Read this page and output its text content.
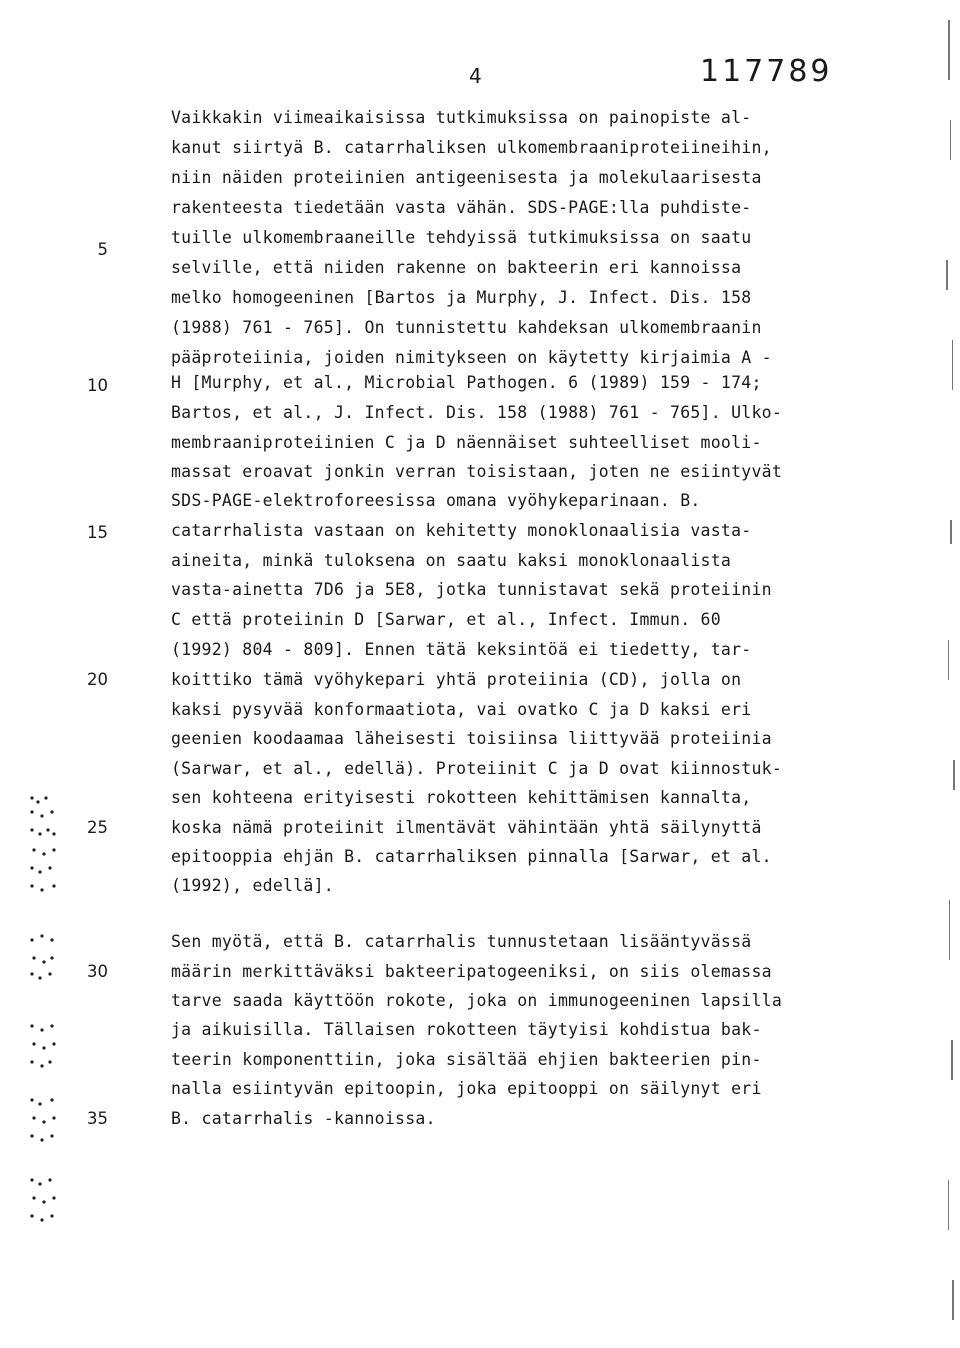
4	117789
Vaikkakin viimeaikaisissa tutkimuksissa on painopiste al-
kanut siirtyä B. catarrhaliksen ulkomembraaniproteiineihin,
niin näiden proteiinien antigeenisesta ja molekulaarisesta
rakenteesta tiedetään vasta vähän. SDS-PAGE:lla puhdiste-
tuille ulkomembraaneille tehdyissä tutkimuksissa on saatu
selville, että niiden rakenne on bakteerin eri kannoissa
melko homogeeninen [Bartos ja Murphy, J. Infect. Dis. 158
(1988) 761 - 765]. On tunnistettu kahdeksan ulkomembraanin
pääproteiinia, joiden nimitykseen on käytetty kirjaimia A -
H [Murphy, et al., Microbial Pathogen. 6 (1989) 159 - 174;
Bartos, et al., J. Infect. Dis. 158 (1988) 761 - 765]. Ulko-
membraaniproteiinien C ja D näennäiset suhteelliset mooli-
massat eroavat jonkin verran toisistaan, joten ne esiintyvät
SDS-PAGE-elektroforeesissa omana vyöhykeparinaan. B.
catarrhalista vastaan on kehitetty monoklonaalisia vasta-
aineita, minkä tuloksena on saatu kaksi monoklonaalista
vasta-ainetta 7D6 ja 5E8, jotka tunnistavat sekä proteiinin
C että proteiinin D [Sarwar, et al., Infect. Immun. 60
(1992) 804 - 809]. Ennen tätä keksintöä ei tiedetty, tar-
koittiko tämä vyöhykepari yhtä proteiinia (CD), jolla on
kaksi pysyvää konformaatiota, vai ovatko C ja D kaksi eri
geenien koodaamaa läheisesti toisiinsa liittyvää proteiinia
(Sarwar, et al., edellä). Proteiinit C ja D ovat kiinnostuk-
sen kohteena erityisesti rokotteen kehittämisen kannalta,
koska nämä proteiinit ilmentävät vähintään yhtä säilynyttä
epitooppia ehjän B. catarrhaliksen pinnalla [Sarwar, et al.
(1992), edellä].
Sen myötä, että B. catarrhalis tunnustetaan lisääntyvässä
määrin merkittäväksi bakteeripatogeeniksi, on siis olemassa
tarve saada käyttöön rokote, joka on immunogeeninen lapsilla
ja aikuisilla. Tällaisen rokotteen täytyisi kohdistua bak-
teerin komponenttiin, joka sisältää ehjien bakteerien pin-
nalla esiintyvän epitoopin, joka epitooppi on säilynyt eri
B. catarrhalis -kannoissa.
5
10
15
20
25
30
35
